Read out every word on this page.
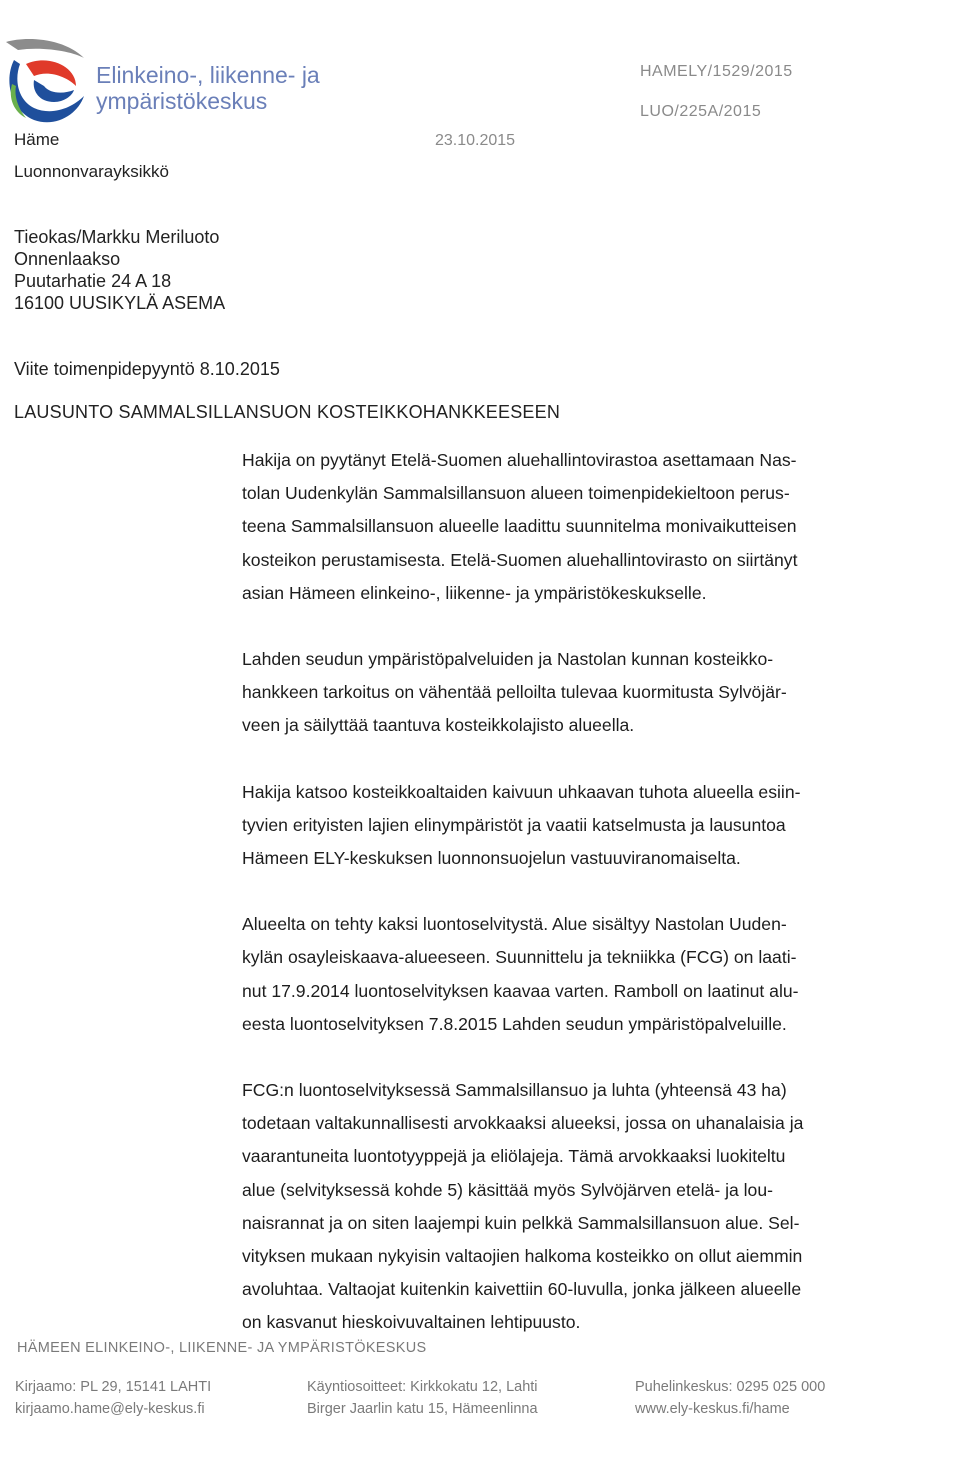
Elinkeino-, liikenne- ja
ympäristökeskus
Häme
Luonnonvarayksikkö
HAMELY/1529/2015
LUO/225A/2015
23.10.2015
Tieokas/Markku Meriluoto
Onnenlaakso
Puutarhatie 24 A 18
16100 UUSIKYLÄ ASEMA
Viite toimenpidepyyntö 8.10.2015
LAUSUNTO SAMMALSILLANSUON KOSTEIKKOHANKKEESEEN
Hakija on pyytänyt Etelä-Suomen aluehallintovirastoa asettamaan Nas-
tolan Uudenkylän Sammalsillansuon alueen toimenpidekieltoon perus-
teena Sammalsillansuon alueelle laadittu suunnitelma monivaikutteisen
kosteikon perustamisesta. Etelä-Suomen aluehallintovirasto on siirtänyt
asian Hämeen elinkeino-, liikenne- ja ympäristökeskukselle.
Lahden seudun ympäristöpalveluiden ja Nastolan kunnan kosteikko-
hankkeen tarkoitus on vähentää pelloilta tulevaa kuormitusta Sylvöjär-
veen ja säilyttää taantuva kosteikkolajisto alueella.
Hakija katsoo kosteikkoaltaiden kaivuun uhkaavan tuhota alueella esiin-
tyvien erityisten lajien elinympäristöt ja vaatii katselmusta ja lausuntoa
Hämeen ELY-keskuksen luonnonsuojelun vastuuviranomaiselta.
Alueelta on tehty kaksi luontoselvitystä. Alue sisältyy Nastolan Uuden-
kylän osayleiskaava-alueeseen. Suunnittelu ja tekniikka (FCG) on laati-
nut 17.9.2014 luontoselvityksen kaavaa varten. Ramboll on laatinut alu-
eesta luontoselvityksen 7.8.2015 Lahden seudun ympäristöpalveluille.
FCG:n luontoselvityksessä Sammalsillansuo ja luhta (yhteensä 43 ha)
todetaan valtakunnallisesti arvokkaaksi alueeksi, jossa on uhanalaisia ja
vaarantuneita luontotyyppejä ja eliölajeja. Tämä arvokkaaksi luokiteltu
alue (selvityksessä kohde 5) käsittää myös Sylvöjärven etelä- ja lou-
naisrannat ja on siten laajempi kuin pelkkä Sammalsillansuon alue. Sel-
vityksen mukaan nykyisin valtaojien halkoma kosteikko on ollut aiemmin
avoluhtaa. Valtaojat kuitenkin kaivettiin 60-luvulla, jonka jälkeen alueelle
on kasvanut hieskoivuvaltainen lehtipuusto.
HÄMEEN ELINKEINO-, LIIKENNE- JA YMPÄRISTÖKESKUS
Kirjaamo: PL 29, 15141 LAHTI
kirjaamo.hame@ely-keskus.fi
Käyntiosoitteet: Kirkkokatu 12, Lahti
Birger Jaarlin katu 15, Hämeenlinna
Puhelinkeskus: 0295 025 000
www.ely-keskus.fi/hame
